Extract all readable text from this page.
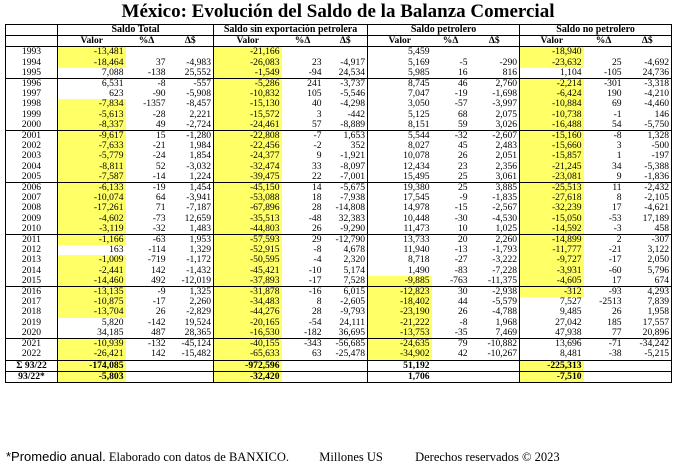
México: Evolución del Saldo de la Balanza Comercial
	Saldo Total			Saldo sin exportación petrolera			Saldo petrolero			Saldo no petrolero		
	Valor	%Δ	Δ$	Valor	%Δ	Δ$	Valor	%Δ	Δ$	Valor	%Δ	Δ$
1993	-13,481			-21,166			5,459			-18,940		
1994	-18,464	37	-4,983	-26,083	23	-4,917	5,169	-5	-290	-23,632	25	-4,692
1995	7,088	-138	25,552	-1,549	-94	24,534	5,985	16	816	1,104	-105	24,736
1996	6,531	-8	-557	-5,286	241	-3,737	8,745	46	2,760	-2,214	-301	-3,318
1997	623	-90	-5,908	-10,832	105	-5,546	7,047	-19	-1,698	-6,424	190	-4,210
1998	-7,834	-1357	-8,457	-15,130	40	-4,298	3,050	-57	-3,997	-10,884	69	-4,460
1999	-5,613	-28	2,221	-15,572	3	-442	5,125	68	2,075	-10,738	-1	146
2000	-8,337	49	-2,724	-24,461	57	-8,889	8,151	59	3,026	-16,488	54	-5,750
2001	-9,617	15	-1,280	-22,808	-7	1,653	5,544	-32	-2,607	-15,160	-8	1,328
2002	-7,633	-21	1,984	-22,456	-2	352	8,027	45	2,483	-15,660	3	-500
2003	-5,779	-24	1,854	-24,377	9	-1,921	10,078	26	2,051	-15,857	1	-197
2004	-8,811	52	-3,032	-32,474	33	-8,097	12,434	23	2,356	-21,245	34	-5,388
2005	-7,587	-14	1,224	-39,475	22	-7,001	15,495	25	3,061	-23,081	9	-1,836
2006	-6,133	-19	1,454	-45,150	14	-5,675	19,380	25	3,885	-25,513	11	-2,432
2007	-10,074	64	-3,941	-53,088	18	-7,938	17,545	-9	-1,835	-27,618	8	-2,105
2008	-17,261	71	-7,187	-67,896	28	-14,808	14,978	-15	-2,567	-32,239	17	-4,621
2009	-4,602	-73	12,659	-35,513	-48	32,383	10,448	-30	-4,530	-15,050	-53	17,189
2010	-3,119	-32	1,483	-44,803	26	-9,290	11,473	10	1,025	-14,592	-3	458
2011	-1,166	-63	1,953	-57,593	29	-12,790	13,733	20	2,260	-14,899	2	-307
2012	163	-114	1,329	-52,915	-8	4,678	11,940	-13	-1,793	-11,777	-21	3,122
2013	-1,009	-719	-1,172	-50,595	-4	2,320	8,718	-27	-3,222	-9,727	-17	2,050
2014	-2,441	142	-1,432	-45,421	-10	5,174	1,490	-83	-7,228	-3,931	-60	5,796
2015	-14,460	492	-12,019	-37,893	-17	7,528	-9,885	-763	-11,375	-4,605	17	674
2016	-13,135	-9	1,325	-31,878	-16	6,015	-12,823	30	-2,938	-312	-93	4,293
2017	-10,875	-17	2,260	-34,483	8	-2,605	-18,402	44	-5,579	7,527	-2513	7,839
2018	-13,704	26	-2,829	-44,276	28	-9,793	-23,190	26	-4,788	9,485	26	1,958
2019	5,820	-142	19,524	-20,165	-54	24,111	-21,222	-8	1,968	27,042	185	17,557
2020	34,185	487	28,365	-16,530	-182	36,695	-13,753	-35	7,469	47,938	77	20,896
2021	-10,939	-132	-45,124	-40,155	-343	-56,685	-24,635	79	-10,882	13,696	-71	-34,242
2022	-26,421	142	-15,482	-65,633	63	-25,478	-34,902	42	-10,267	8,481	-38	-5,215
Σ 93/22	-174,085			-972,596			51,192			-225,313		
93/22*	-5,803			-32,420			1,706			-7,510		
*Promedio anual. Elaborado con datos de BANXICO. Millones US	Derechos reservados © 2023
